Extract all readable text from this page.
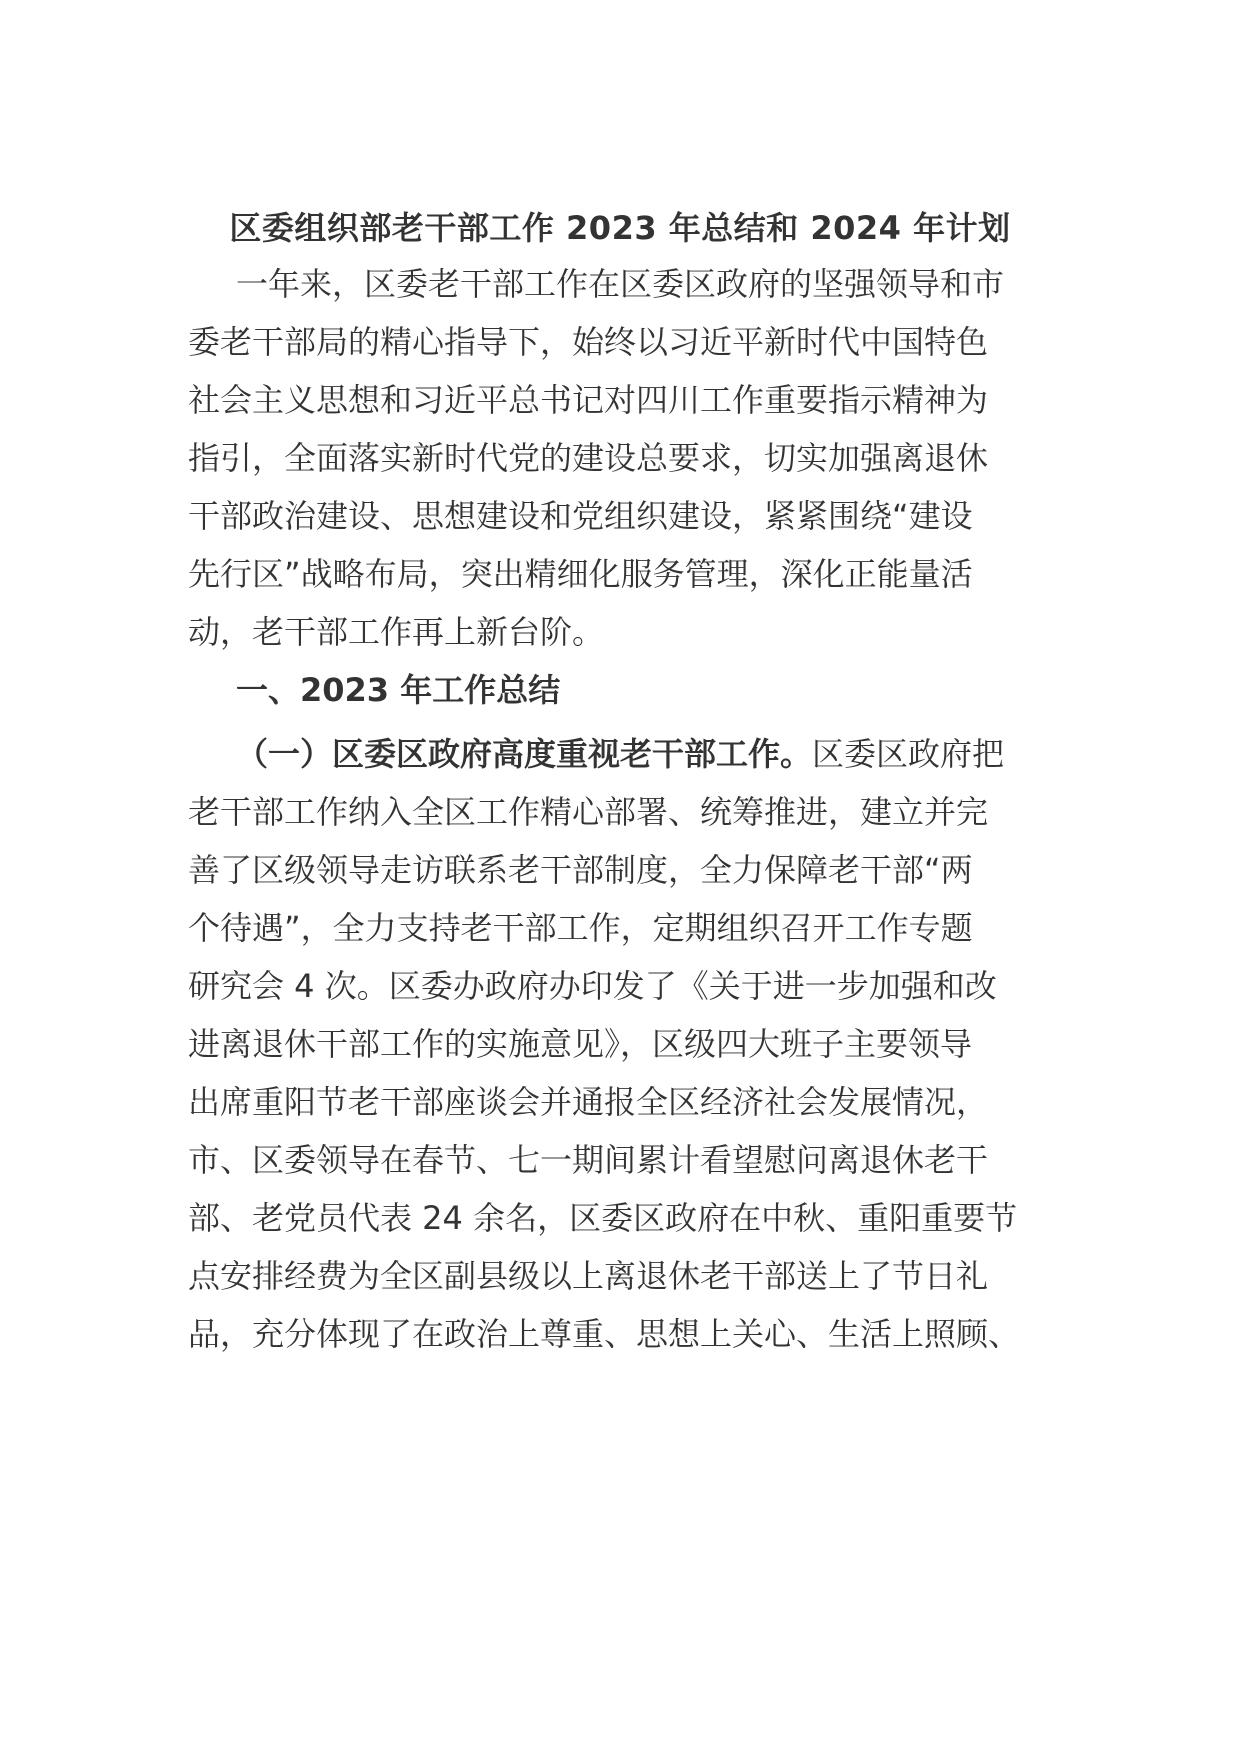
区委组织部老干部工作 2023 年总结和 2024 年计划
一年来，区委老干部工作在区委区政府的坚强领导和市
委老干部局的精心指导下，始终以习近平新时代中国特色
社会主义思想和习近平总书记对四川工作重要指示精神为
指引，全面落实新时代党的建设总要求，切实加强离退休
干部政治建设、思想建设和党组织建设，紧紧围绕“建设
先行区”战略布局，突出精细化服务管理，深化正能量活
动，老干部工作再上新台阶。
一、2023 年工作总结
（一）区委区政府高度重视老干部工作。区委区政府把
老干部工作纳入全区工作精心部署、统筹推进，建立并完
善了区级领导走访联系老干部制度，全力保障老干部“两
个待遇”，全力支持老干部工作，定期组织召开工作专题
研究会 4 次。区委办政府办印发了《关于进一步加强和改
进离退休干部工作的实施意见》，区级四大班子主要领导
出席重阳节老干部座谈会并通报全区经济社会发展情况，
市、区委领导在春节、七一期间累计看望慰问离退休老干
部、老党员代表 24 余名，区委区政府在中秋、重阳重要节
点安排经费为全区副县级以上离退休老干部送上了节日礼
品，充分体现了在政治上尊重、思想上关心、生活上照顾、
